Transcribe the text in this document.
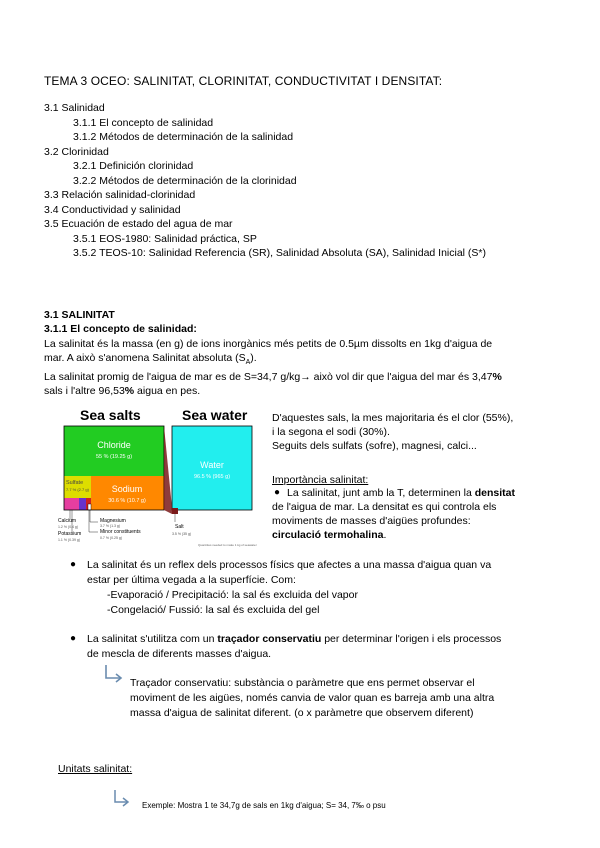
TEMA 3 OCEO: SALINITAT, CLORINITAT, CONDUCTIVITAT I DENSITAT:
3.1 Salinidad
3.1.1 El concepto de salinidad
3.1.2 Métodos de determinación de la salinidad
3.2 Clorinidad
3.2.1 Definición clorinidad
3.2.2 Métodos de determinación de la clorinidad
3.3 Relación salinidad-clorinidad
3.4 Conductividad y salinidad
3.5 Ecuación de estado del agua de mar
3.5.1 EOS-1980: Salinidad práctica, SP
3.5.2 TEOS-10: Salinidad Referencia (SR), Salinidad Absoluta (SA), Salinidad Inicial (S*)
3.1 SALINITAT
3.1.1 El concepto de salinidad:
La salinitat és la massa (en g) de ions inorgànics més petits de 0.5µm dissolts en 1kg d'aigua de
mar. A això s'anomena Salinitat absoluta $(S_A)$.
La salinitat promig de l'aigua de mar es de S=34,7 g/kg→ això vol dir que l'aigua del mar és 3,47%
sals i l'altre 96,53% aigua en pes.
Sea salts	Sea water
Chloride
55 % (19.25 g)
Sulfate
7.7 % (2.7 g)	Sodium
30.6 % (10.7 g)
Water
96.5 % (965 g)
Calcium
1.2 % (0.4 g)
Potassium
1.1 % (0.39 g)
Magnesium
3.7 % (1.3 g)
Minor constituents
0.7 % (0.25 g)
Salt
3.5 % (35 g)
Quantities needed to make 1 kg of seawater
D'aquestes sals, la mes majoritaria és el clor (55%),
i la segona el sodi (30%).
Seguits dels sulfats (sofre), magnesi, calci...
Importància salinitat:
● La salinitat, junt amb la T, determinen la densitat
de l'aigua de mar. La densitat es qui controla els
moviments de masses d'aigües profundes:
circulació termohalina.
● La salinitat és un reflex dels processos físics que afectes a una massa d'aigua quan va
estar per última vegada a la superfície. Com:
-Evaporació / Precipitació: la sal és excluida del vapor
-Congelació/ Fussió: la sal és excluida del gel
● La salinitat s'utilitza com un traçador conservatiu per determinar l'origen i els processos
de mescla de diferents masses d'aigua.
Traçador conservatiu: substància o paràmetre que ens permet observar el
moviment de les aigües, només canvia de valor quan es barreja amb una altra
massa d'aigua de salinitat diferent. (o x paràmetre que observem diferent)
Unitats salinitat:
Exemple: Mostra 1 te 34,7g de sals en 1kg d'aigua; S= 34, 7‰ o psu
